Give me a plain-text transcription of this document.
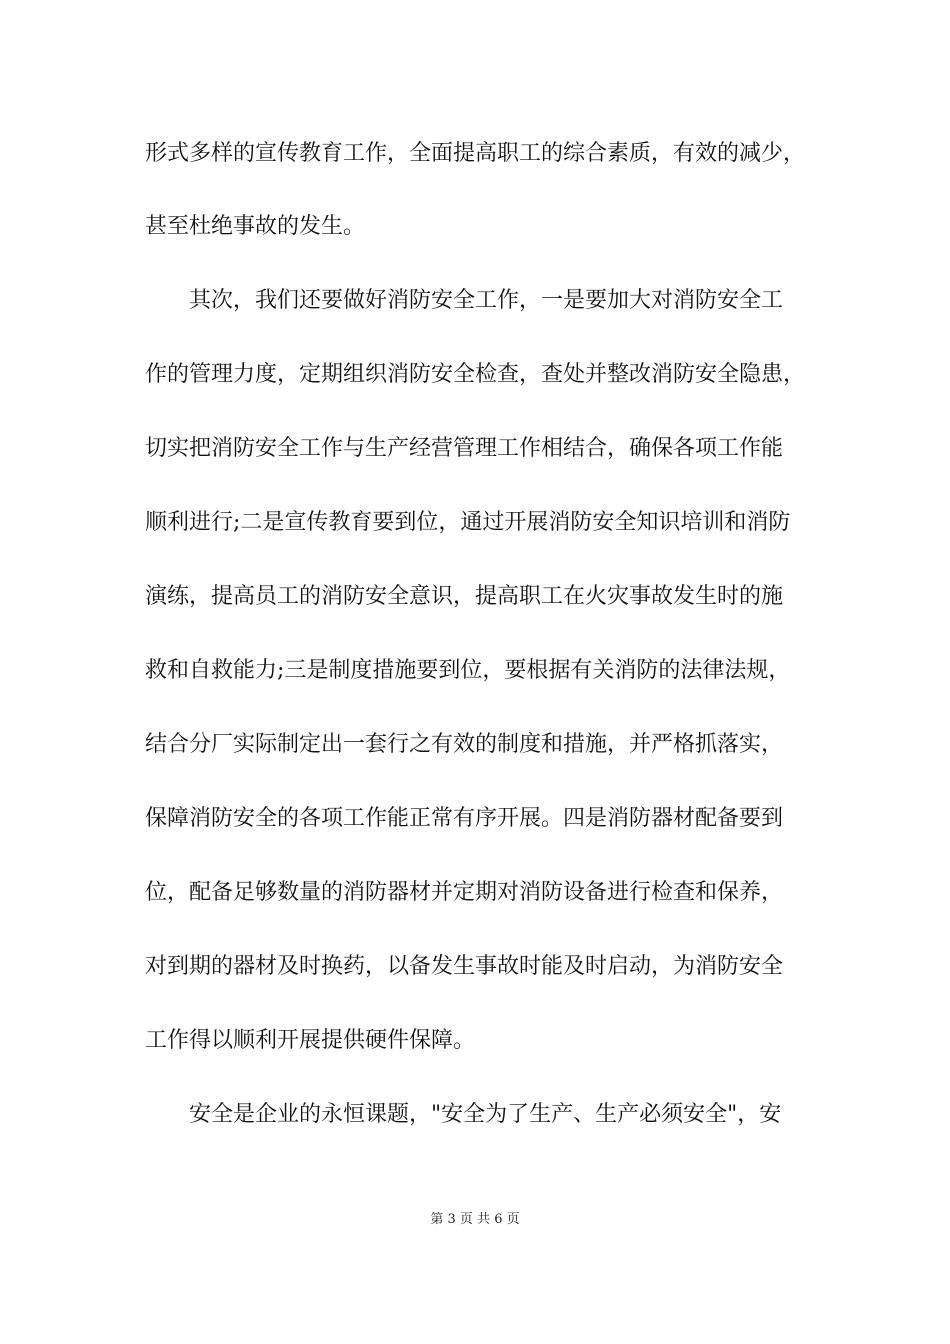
形式多样的宣传教育工作，全面提高职工的综合素质，有效的减少，
甚至杜绝事故的发生。
　　其次，我们还要做好消防安全工作，一是要加大对消防安全工
作的管理力度，定期组织消防安全检查，查处并整改消防安全隐患，
切实把消防安全工作与生产经营管理工作相结合，确保各项工作能
顺利进行;二是宣传教育要到位，通过开展消防安全知识培训和消防
演练，提高员工的消防安全意识，提高职工在火灾事故发生时的施
救和自救能力;三是制度措施要到位，要根据有关消防的法律法规，
结合分厂实际制定出一套行之有效的制度和措施，并严格抓落实，
保障消防安全的各项工作能正常有序开展。四是消防器材配备要到
位，配备足够数量的消防器材并定期对消防设备进行检查和保养，
对到期的器材及时换药，以备发生事故时能及时启动，为消防安全
工作得以顺利开展提供硬件保障。
　　安全是企业的永恒课题，"安全为了生产、生产必须安全"，安
第 3 页 共 6 页
